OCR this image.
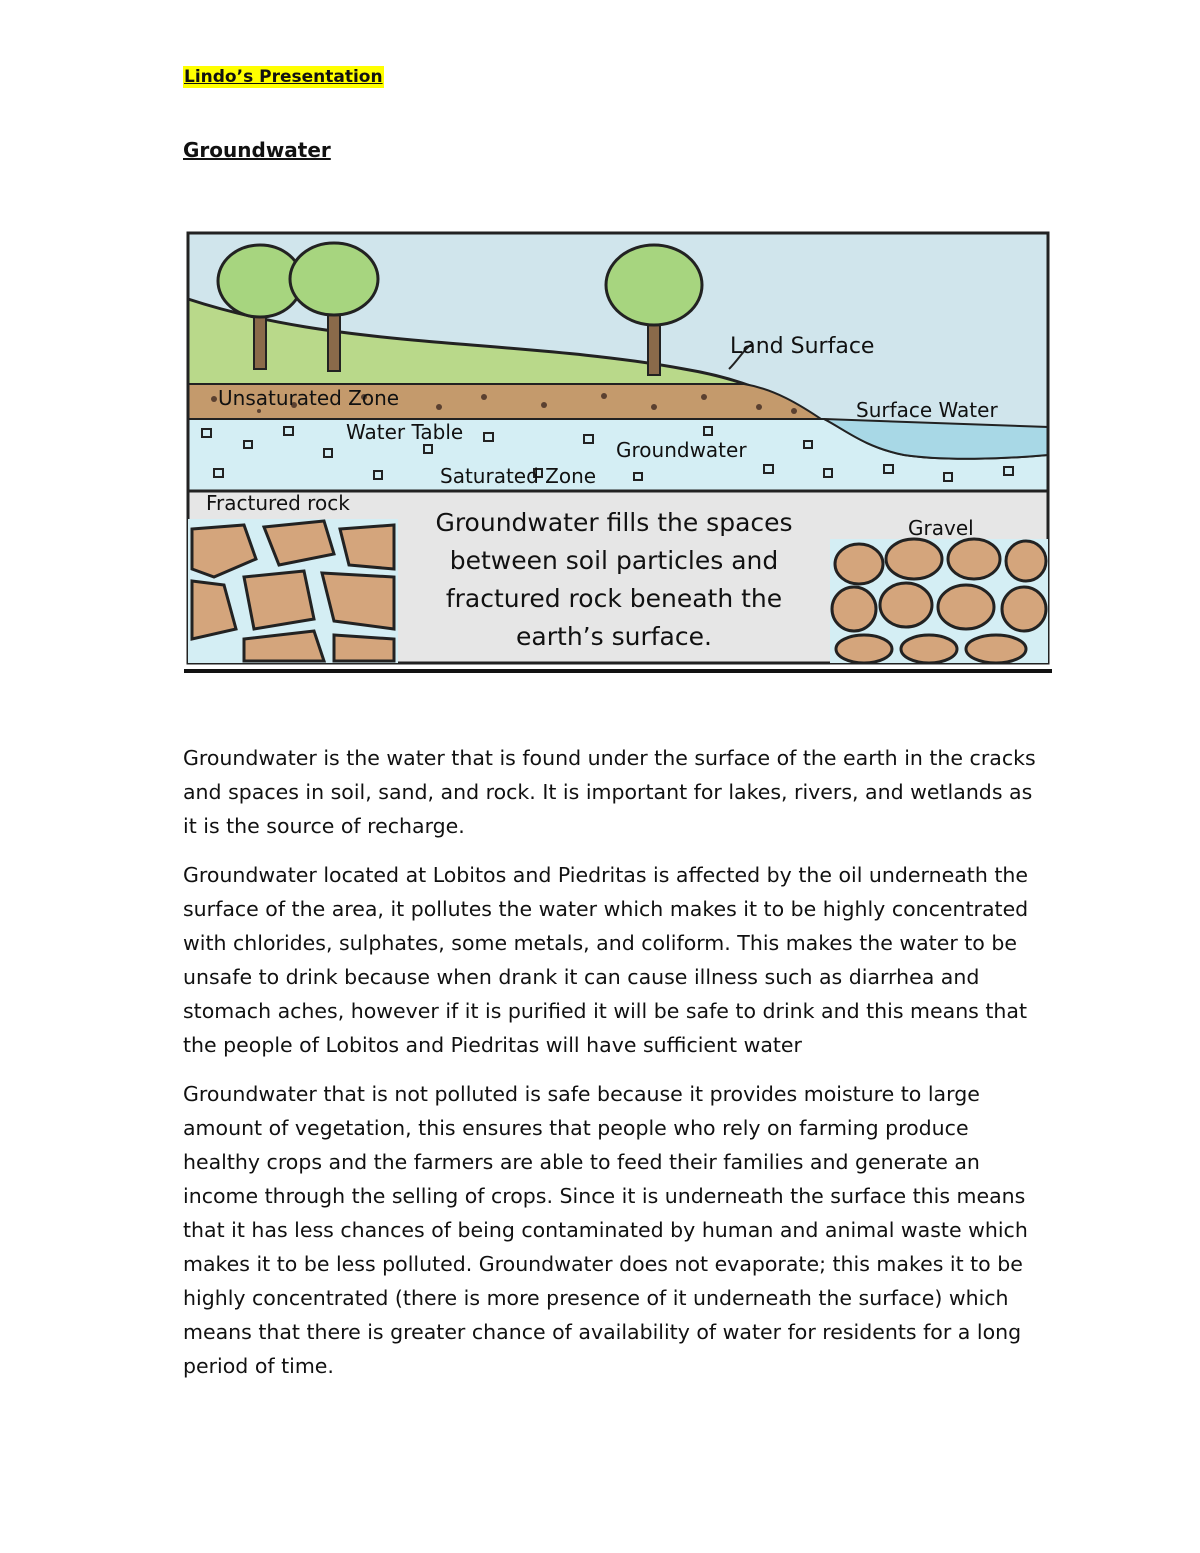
Lindo’s Presentation
Groundwater
Land Surface
Unsaturated Zone	Surface Water
Water Table
Groundwater
Saturated Zone
Fractured rock
Gravel
Groundwater fills the spaces
between soil particles and
fractured rock beneath the
earth’s surface.

Groundwater is the water that is found under the surface of the earth in the cracks and spaces in soil, sand, and rock. It is important for lakes, rivers, and wetlands as it is the source of recharge.

Groundwater located at Lobitos and Piedritas is affected by the oil underneath the surface of the area, it pollutes the water which makes it to be highly concentrated with chlorides, sulphates, some metals, and coliform. This makes the water to be unsafe to drink because when drank it can cause illness such as diarrhea and stomach aches, however if it is purified it will be safe to drink and this means that the people of Lobitos and Piedritas will have sufficient water

Groundwater that is not polluted is safe because it provides moisture to large amount of vegetation, this ensures that people who rely on farming produce healthy crops and the farmers are able to feed their families and generate an income through the selling of crops. Since it is underneath the surface this means that it has less chances of being contaminated by human and animal waste which makes it to be less polluted. Groundwater does not evaporate; this makes it to be highly concentrated (there is more presence of it underneath the surface) which means that there is greater chance of availability of water for residents for a long period of time.
